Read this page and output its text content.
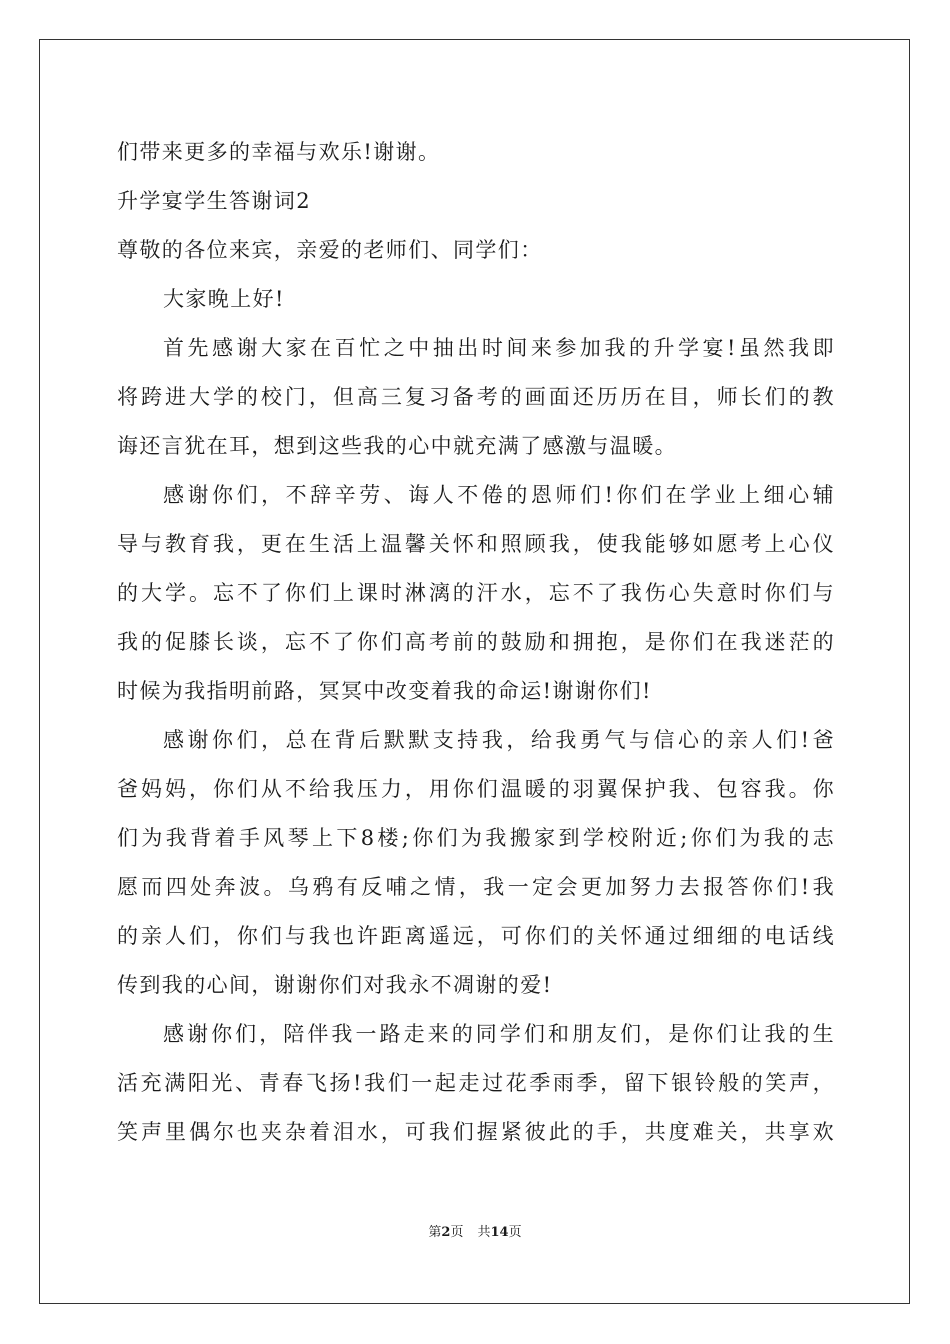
们带来更多的幸福与欢乐!谢谢。
升学宴学生答谢词2
尊敬的各位来宾，亲爱的老师们、同学们：
大家晚上好!
首先感谢大家在百忙之中抽出时间来参加我的升学宴!虽然我即
将跨进大学的校门，但高三复习备考的画面还历历在目，师长们的教
诲还言犹在耳，想到这些我的心中就充满了感激与温暖。
感谢你们，不辞辛劳、诲人不倦的恩师们!你们在学业上细心辅
导与教育我，更在生活上温馨关怀和照顾我，使我能够如愿考上心仪
的大学。忘不了你们上课时淋漓的汗水，忘不了我伤心失意时你们与
我的促膝长谈，忘不了你们高考前的鼓励和拥抱，是你们在我迷茫的
时候为我指明前路，冥冥中改变着我的命运!谢谢你们!
感谢你们，总在背后默默支持我，给我勇气与信心的亲人们!爸
爸妈妈，你们从不给我压力，用你们温暖的羽翼保护我、包容我。你
们为我背着手风琴上下8楼;你们为我搬家到学校附近;你们为我的志
愿而四处奔波。乌鸦有反哺之情，我一定会更加努力去报答你们!我
的亲人们，你们与我也许距离遥远，可你们的关怀通过细细的电话线
传到我的心间，谢谢你们对我永不凋谢的爱!
感谢你们，陪伴我一路走来的同学们和朋友们，是你们让我的生
活充满阳光、青春飞扬!我们一起走过花季雨季，留下银铃般的笑声，
笑声里偶尔也夹杂着泪水，可我们握紧彼此的手，共度难关，共享欢
第2页 共14页
